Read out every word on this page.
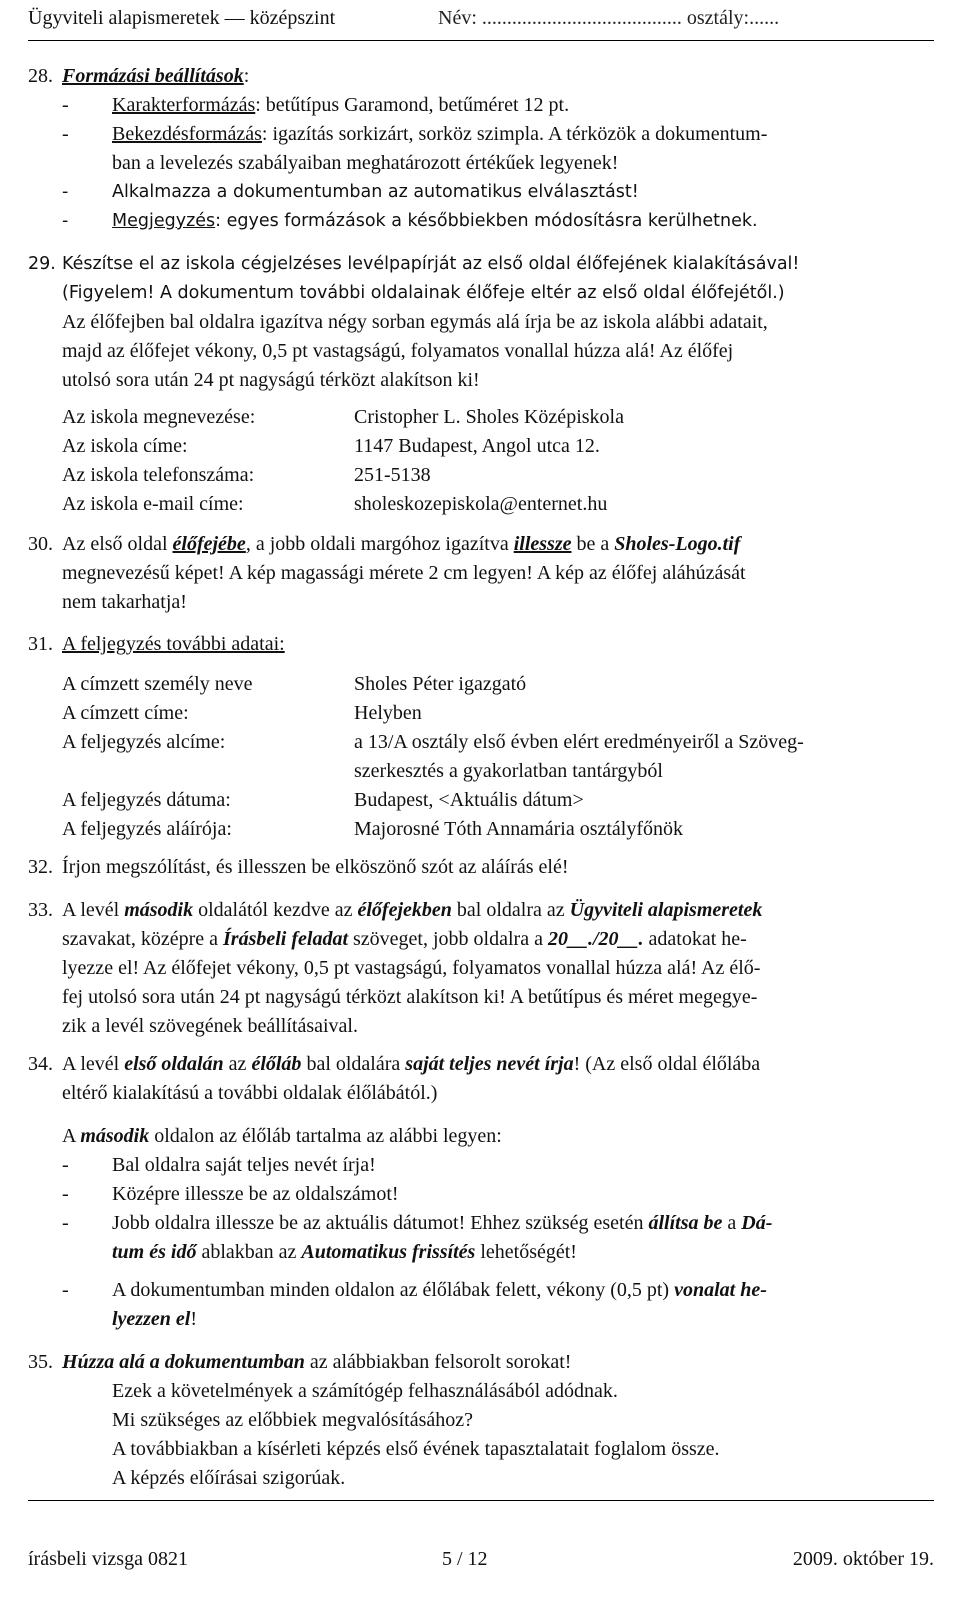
Ügyviteli alapismeretek — középszint	Név: ........................................ osztály:......
28. Formázási beállítások:
- Karakterformázás: betűtípus Garamond, betűméret 12 pt.
- Bekezdésformázás: igazítás sorkizárt, sorköz szimpla. A térközök a dokumentum-
ban a levelezés szabályaiban meghatározott értékűek legyenek!
- Alkalmazza a dokumentumban az automatikus elválasztást!
- Megjegyzés: egyes formázások a későbbiekben módosításra kerülhetnek.
29. Készítse el az iskola cégjelzéses levélpapírját az első oldal élőfejének kialakításával!
(Figyelem! A dokumentum további oldalainak élőfeje eltér az első oldal élőfejétől.)
Az élőfejben bal oldalra igazítva négy sorban egymás alá írja be az iskola alábbi adatait,
majd az élőfejet vékony, 0,5 pt vastagságú, folyamatos vonallal húzza alá! Az élőfej
utolsó sora után 24 pt nagyságú térközt alakítson ki!
Az iskola megnevezése:	Cristopher L. Sholes Középiskola
Az iskola címe:	1147 Budapest, Angol utca 12.
Az iskola telefonszáma:	251-5138
Az iskola e-mail címe:	sholeskozepiskola@enternet.hu
30. Az első oldal élőfejébe, a jobb oldali margóhoz igazítva illessze be a Sholes-Logo.tif
megnevezésű képet! A kép magassági mérete 2 cm legyen! A kép az élőfej aláhúzását
nem takarhatja!
31. A feljegyzés további adatai:
A címzett személy neve	Sholes Péter igazgató
A címzett címe:	Helyben
A feljegyzés alcíme:	a 13/A osztály első évben elért eredményeiről a Szöveg-
szerkesztés a gyakorlatban tantárgyból
A feljegyzés dátuma:	Budapest, <Aktuális dátum>
A feljegyzés aláírója:	Majorosné Tóth Annamária osztályfőnök
32. Írjon megszólítást, és illesszen be elköszönő szót az aláírás elé!
33. A levél második oldalától kezdve az élőfejekben bal oldalra az Ügyviteli alapismeretek
szavakat, középre a Írásbeli feladat szöveget, jobb oldalra a 20__./20__. adatokat he-
lyezze el! Az élőfejet vékony, 0,5 pt vastagságú, folyamatos vonallal húzza alá! Az élő-
fej utolsó sora után 24 pt nagyságú térközt alakítson ki! A betűtípus és méret megegye-
zik a levél szövegének beállításaival.
34. A levél első oldalán az élőláb bal oldalára saját teljes nevét írja! (Az első oldal élőlába
eltérő kialakítású a további oldalak élőlábától.)
A második oldalon az élőláb tartalma az alábbi legyen:
- Bal oldalra saját teljes nevét írja!
- Középre illessze be az oldalszámot!
- Jobb oldalra illessze be az aktuális dátumot! Ehhez szükség esetén állítsa be a Dá-
tum és idő ablakban az Automatikus frissítés lehetőségét!
- A dokumentumban minden oldalon az élőlábak felett, vékony (0,5 pt) vonalat he-
lyezzen el!
35. Húzza alá a dokumentumban az alábbiakban felsorolt sorokat!
Ezek a követelmények a számítógép felhasználásából adódnak.
Mi szükséges az előbbiek megvalósításához?
A továbbiakban a kísérleti képzés első évének tapasztalatait foglalom össze.
A képzés előírásai szigorúak.
írásbeli vizsga 0821	5 / 12	2009. október 19.
